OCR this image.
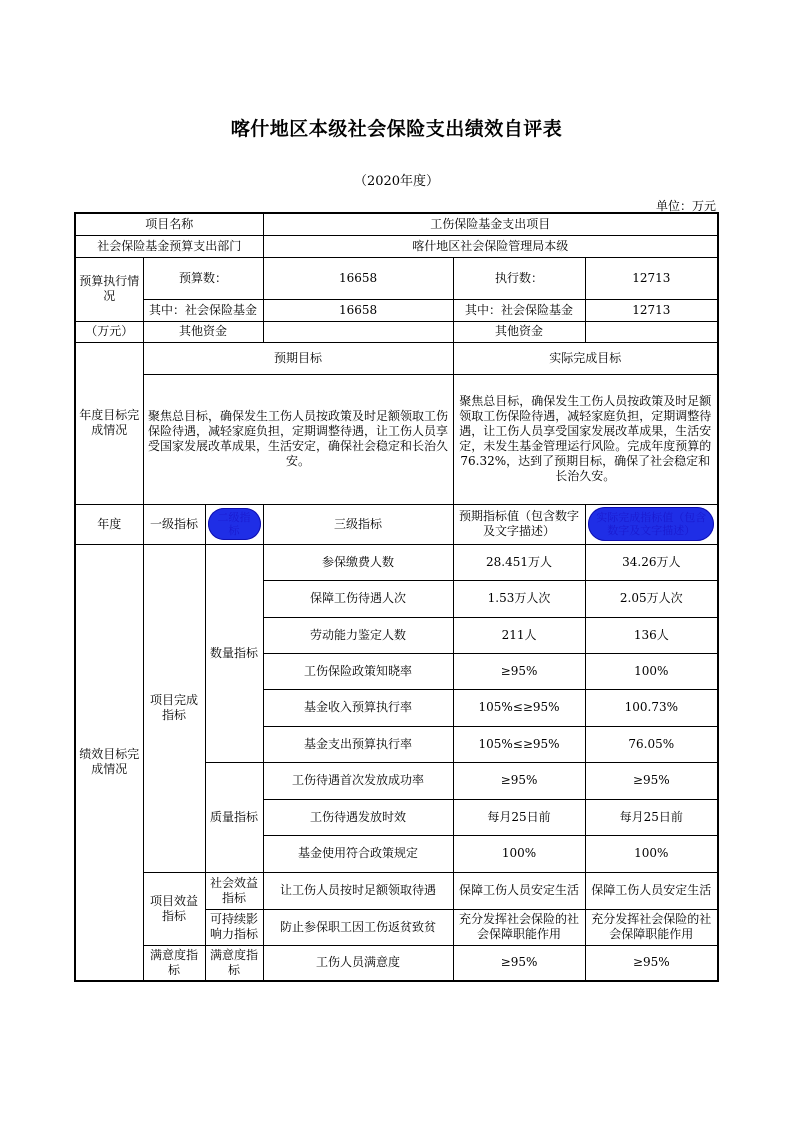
喀什地区本级社会保险支出绩效自评表
（2020年度）
单位：万元
项目名称			工伤保险基金支出项目		
社会保险基金预算支出部门			喀什地区社会保险管理局本级		
预算执行情况	预算数：		16658	执行数：	12713
	其中：社会保险基金		16658	其中：社会保险基金	12713
（万元）	其他资金			其他资金	
年度目标完成情况	预期目标			实际完成目标	
	聚焦总目标，确保发生工伤人员按政策及时足额领取工伤保险待遇，减轻家庭负担，定期调整待遇，让工伤人员享受国家发展改革成果，生活安定，确保社会稳定和长治久安。			聚焦总目标，确保发生工伤人员按政策及时足额领取工伤保险待遇，减轻家庭负担，定期调整待遇，让工伤人员享受国家发展改革成果，生活安定，未发生基金管理运行风险。完成年度预算的76.32%，达到了预期目标，确保了社会稳定和长治久安。	
年度	一级指标	二级指标	三级指标	预期指标值（包含数字及文字描述）	实际完成指标值（包含数字及文字描述）
绩效目标完成情况	项目完成指标	数量指标	参保缴费人数	28.451万人	34.26万人
			保障工伤待遇人次	1.53万人次	2.05万人次
			劳动能力鉴定人数	211人	136人
			工伤保险政策知晓率	≥95%	100%
			基金收入预算执行率	105%≤≥95%	100.73%
			基金支出预算执行率	105%≤≥95%	76.05%
		质量指标	工伤待遇首次发放成功率	≥95%	≥95%
			工伤待遇发放时效	每月25日前	每月25日前
			基金使用符合政策规定	100%	100%
	项目效益指标	社会效益指标	让工伤人员按时足额领取待遇	保障工伤人员安定生活	保障工伤人员安定生活
		可持续影响力指标	防止参保职工因工伤返贫致贫	充分发挥社会保险的社会保障职能作用	充分发挥社会保险的社会保障职能作用
	满意度指标	满意度指标	工伤人员满意度	≥95%	≥95%
